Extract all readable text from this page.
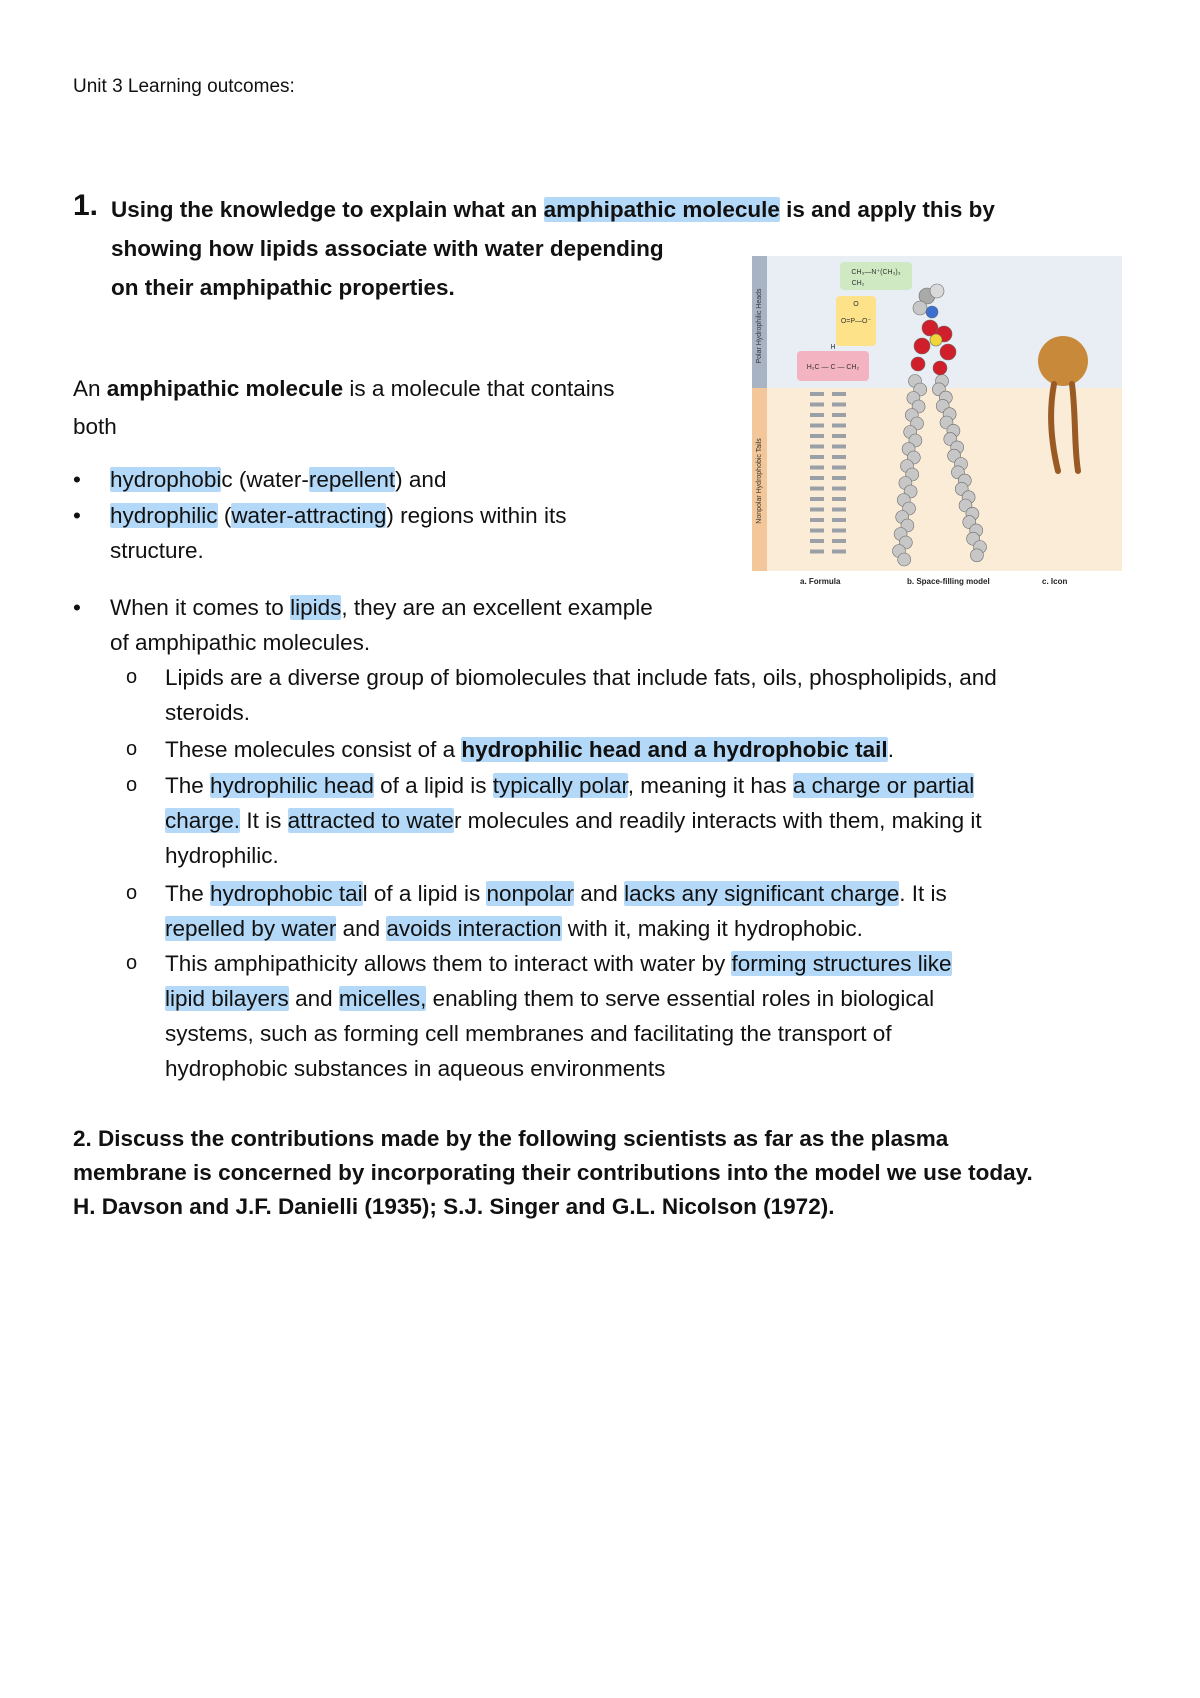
Unit 3 Learning outcomes:
1. Using the knowledge to explain what an amphipathic molecule is and apply this by
showing how lipids associate with water depending
on their amphipathic properties.
An amphipathic molecule is a molecule that contains
both
•	hydrophobic (water-repellent) and
•	hydrophilic (water-attracting) regions within its
structure.
•	When it comes to lipids, they are an excellent example
of amphipathic molecules.
o Lipids are a diverse group of biomolecules that include fats, oils, phospholipids, and
steroids.
o These molecules consist of a hydrophilic head and a hydrophobic tail.
o The hydrophilic head of a lipid is typically polar, meaning it has a charge or partial
charge. It is attracted to water molecules and readily interacts with them, making it
hydrophilic.
o The hydrophobic tail of a lipid is nonpolar and lacks any significant charge. It is
repelled by water and avoids interaction with it, making it hydrophobic.
o This amphipathicity allows them to interact with water by forming structures like
lipid bilayers and micelles, enabling them to serve essential roles in biological
systems, such as forming cell membranes and facilitating the transport of
hydrophobic substances in aqueous environments
2. Discuss the contributions made by the following scientists as far as the plasma
membrane is concerned by incorporating their contributions into the model we use today.
H. Davson and J.F. Danielli (1935); S.J. Singer and G.L. Nicolson (1972).
Polar Hydrophilic Heads
Nonpolar Hydrophobic Tails
CH₃—N⁺(CH₃)₃
CH₂
O
O=P—O⁻
H
H₂C — C — CH₂
a. Formula	b. Space-filling model	c. Icon
